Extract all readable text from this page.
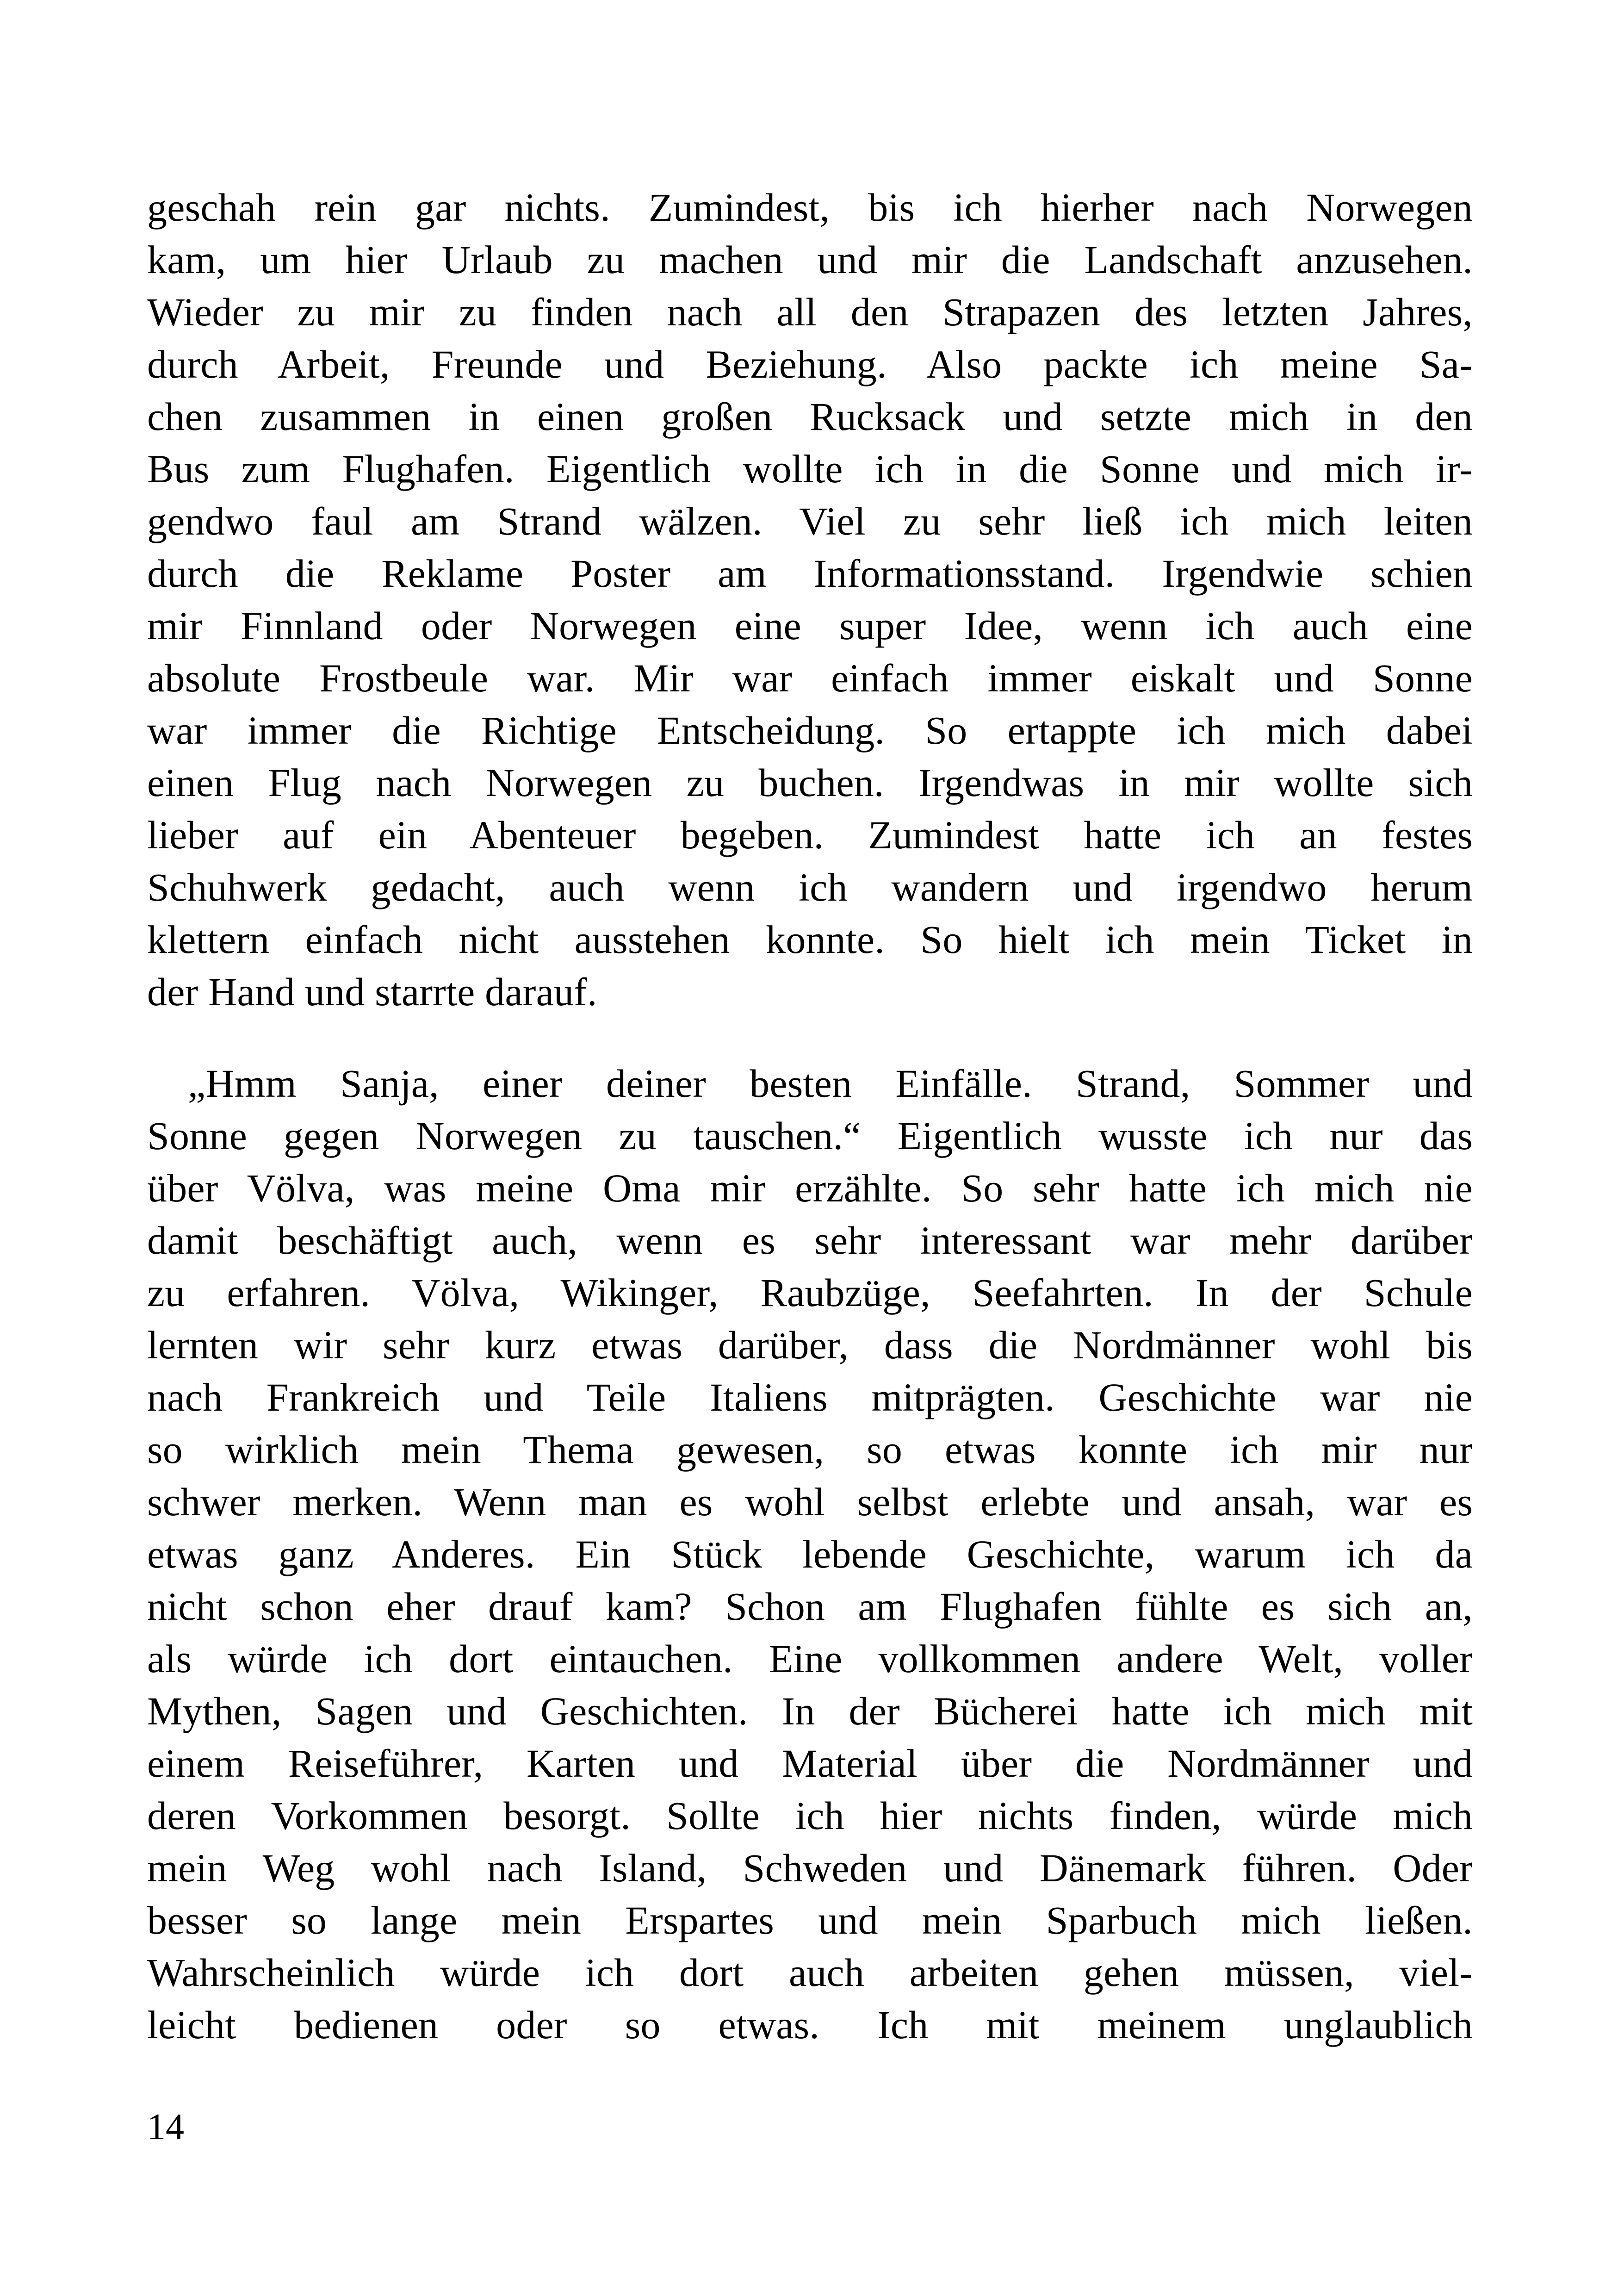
geschah rein gar nichts. Zumindest, bis ich hierher nach Norwegen
kam, um hier Urlaub zu machen und mir die Landschaft anzusehen.
Wieder zu mir zu finden nach all den Strapazen des letzten Jahres,
durch Arbeit, Freunde und Beziehung. Also packte ich meine Sa-
chen zusammen in einen großen Rucksack und setzte mich in den
Bus zum Flughafen. Eigentlich wollte ich in die Sonne und mich ir-
gendwo faul am Strand wälzen. Viel zu sehr ließ ich mich leiten
durch die Reklame Poster am Informationsstand. Irgendwie schien
mir Finnland oder Norwegen eine super Idee, wenn ich auch eine
absolute Frostbeule war. Mir war einfach immer eiskalt und Sonne
war immer die Richtige Entscheidung. So ertappte ich mich dabei
einen Flug nach Norwegen zu buchen. Irgendwas in mir wollte sich
lieber auf ein Abenteuer begeben. Zumindest hatte ich an festes
Schuhwerk gedacht, auch wenn ich wandern und irgendwo herum
klettern einfach nicht ausstehen konnte. So hielt ich mein Ticket in
der Hand und starrte darauf.
„Hmm Sanja, einer deiner besten Einfälle. Strand, Sommer und
Sonne gegen Norwegen zu tauschen.“ Eigentlich wusste ich nur das
über Völva, was meine Oma mir erzählte. So sehr hatte ich mich nie
damit beschäftigt auch, wenn es sehr interessant war mehr darüber
zu erfahren. Völva, Wikinger, Raubzüge, Seefahrten. In der Schule
lernten wir sehr kurz etwas darüber, dass die Nordmänner wohl bis
nach Frankreich und Teile Italiens mitprägten. Geschichte war nie
so wirklich mein Thema gewesen, so etwas konnte ich mir nur
schwer merken. Wenn man es wohl selbst erlebte und ansah, war es
etwas ganz Anderes. Ein Stück lebende Geschichte, warum ich da
nicht schon eher drauf kam? Schon am Flughafen fühlte es sich an,
als würde ich dort eintauchen. Eine vollkommen andere Welt, voller
Mythen, Sagen und Geschichten. In der Bücherei hatte ich mich mit
einem Reiseführer, Karten und Material über die Nordmänner und
deren Vorkommen besorgt. Sollte ich hier nichts finden, würde mich
mein Weg wohl nach Island, Schweden und Dänemark führen. Oder
besser so lange mein Erspartes und mein Sparbuch mich ließen.
Wahrscheinlich würde ich dort auch arbeiten gehen müssen, viel-
leicht bedienen oder so etwas. Ich mit meinem unglaublich
14
